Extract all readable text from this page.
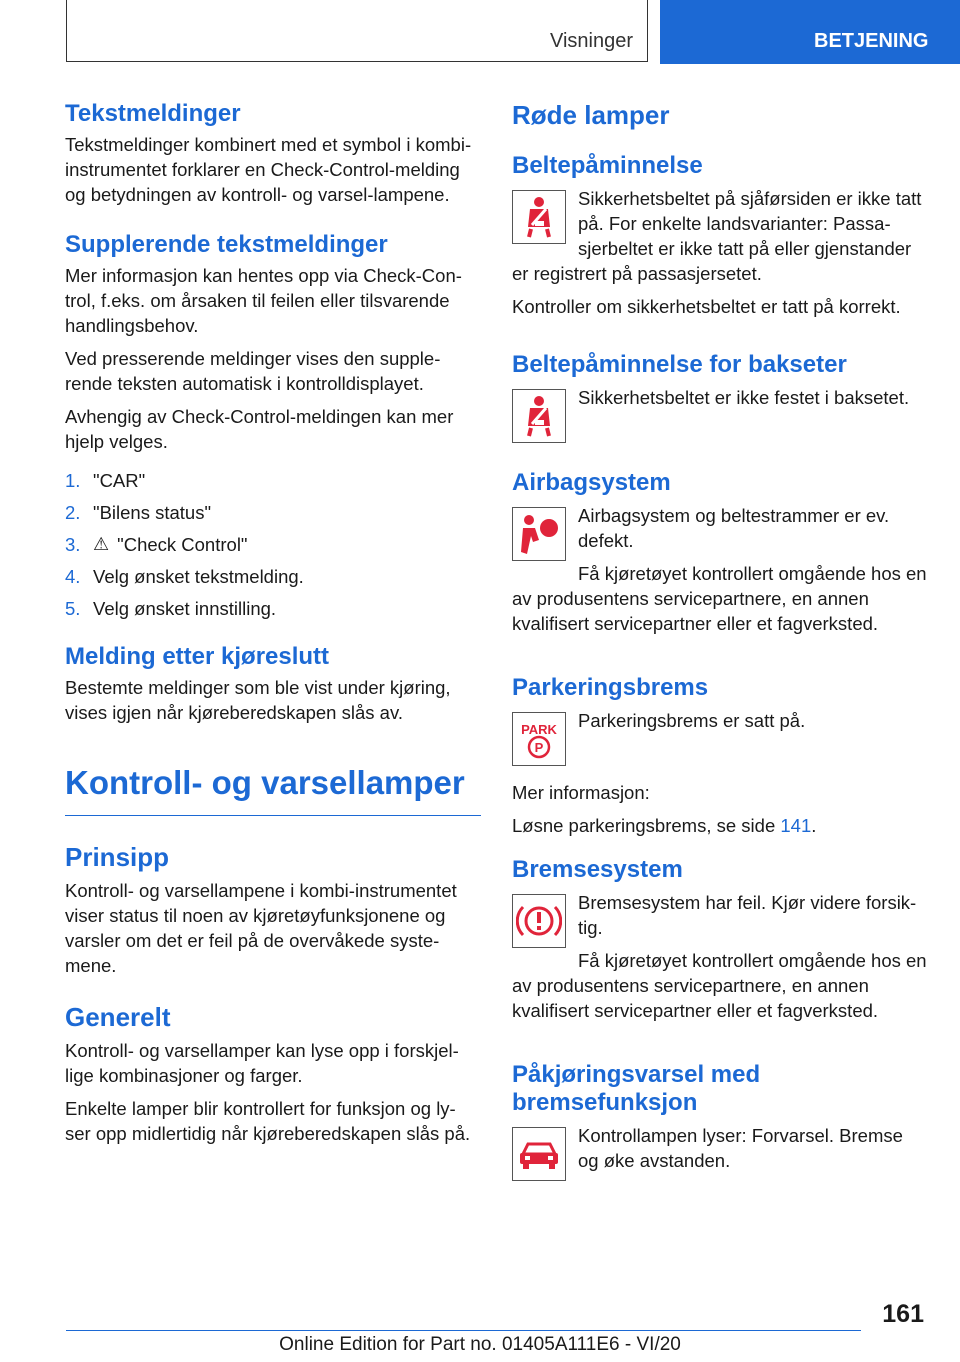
Visninger	BETJENING
Tekstmeldinger

Tekstmeldinger kombinert med et symbol i kombi-instrumentet forklarer en Check-Control-melding og betydningen av kontroll- og varsel-lampene.

Supplerende tekstmeldinger

Mer informasjon kan hentes opp via Check-Con-trol, f.eks. om årsaken til feilen eller tilsvarende handlingsbehov.

Ved presserende meldinger vises den supple-rende teksten automatisk i kontrolldisplayet.

Avhengig av Check-Control-meldingen kan mer hjelp velges.

1. "CAR"
2. "Bilens status"
3. ⚠ "Check Control"
4. Velg ønsket tekstmelding.
5. Velg ønsket innstilling.
Melding etter kjøreslutt

Bestemte meldinger som ble vist under kjøring, vises igjen når kjøreberedskapen slås av.

Kontroll- og varsellamper
Prinsipp

Kontroll- og varsellampene i kombi-instrumentet viser status til noen av kjøretøyfunksjonene og varsler om det er feil på de overvåkede syste-mene.

Generelt

Kontroll- og varsellamper kan lyse opp i forskjel-lige kombinasjoner og farger.

Enkelte lamper blir kontrollert for funksjon og ly-ser opp midlertidig når kjøreberedskapen slås på.

Røde lamper
Beltepåminnelse

Sikkerhetsbeltet på sjåførsiden er ikke tatt på. For enkelte landsvarianter: Passa-sjerbeltet er ikke tatt på eller gjenstander er registrert på passasjersetet.

Kontroller om sikkerhetsbeltet er tatt på korrekt.

Beltepåminnelse for bakseter

Sikkerhetsbeltet er ikke festet i baksetet.

Airbagsystem

Airbagsystem og beltestrammer er ev. defekt.

Få kjøretøyet kontrollert omgående hos en av produsentens servicepartnere, en annen kvalifisert servicepartner eller et fagverksted.

Parkeringsbrems
PARK
P

Parkeringsbrems er satt på.

Mer informasjon:

Løsne parkeringsbrems, se side 141.

Bremsesystem

Bremsesystem har feil. Kjør videre forsik-tig.

Få kjøretøyet kontrollert omgående hos en av produsentens servicepartnere, en annen kvalifisert servicepartner eller et fagverksted.

Påkjøringsvarsel med bremsefunksjon

Kontrollampen lyser: Forvarsel. Bremse og øke avstanden.

161
Online Edition for Part no. 01405A111E6 - VI/20
